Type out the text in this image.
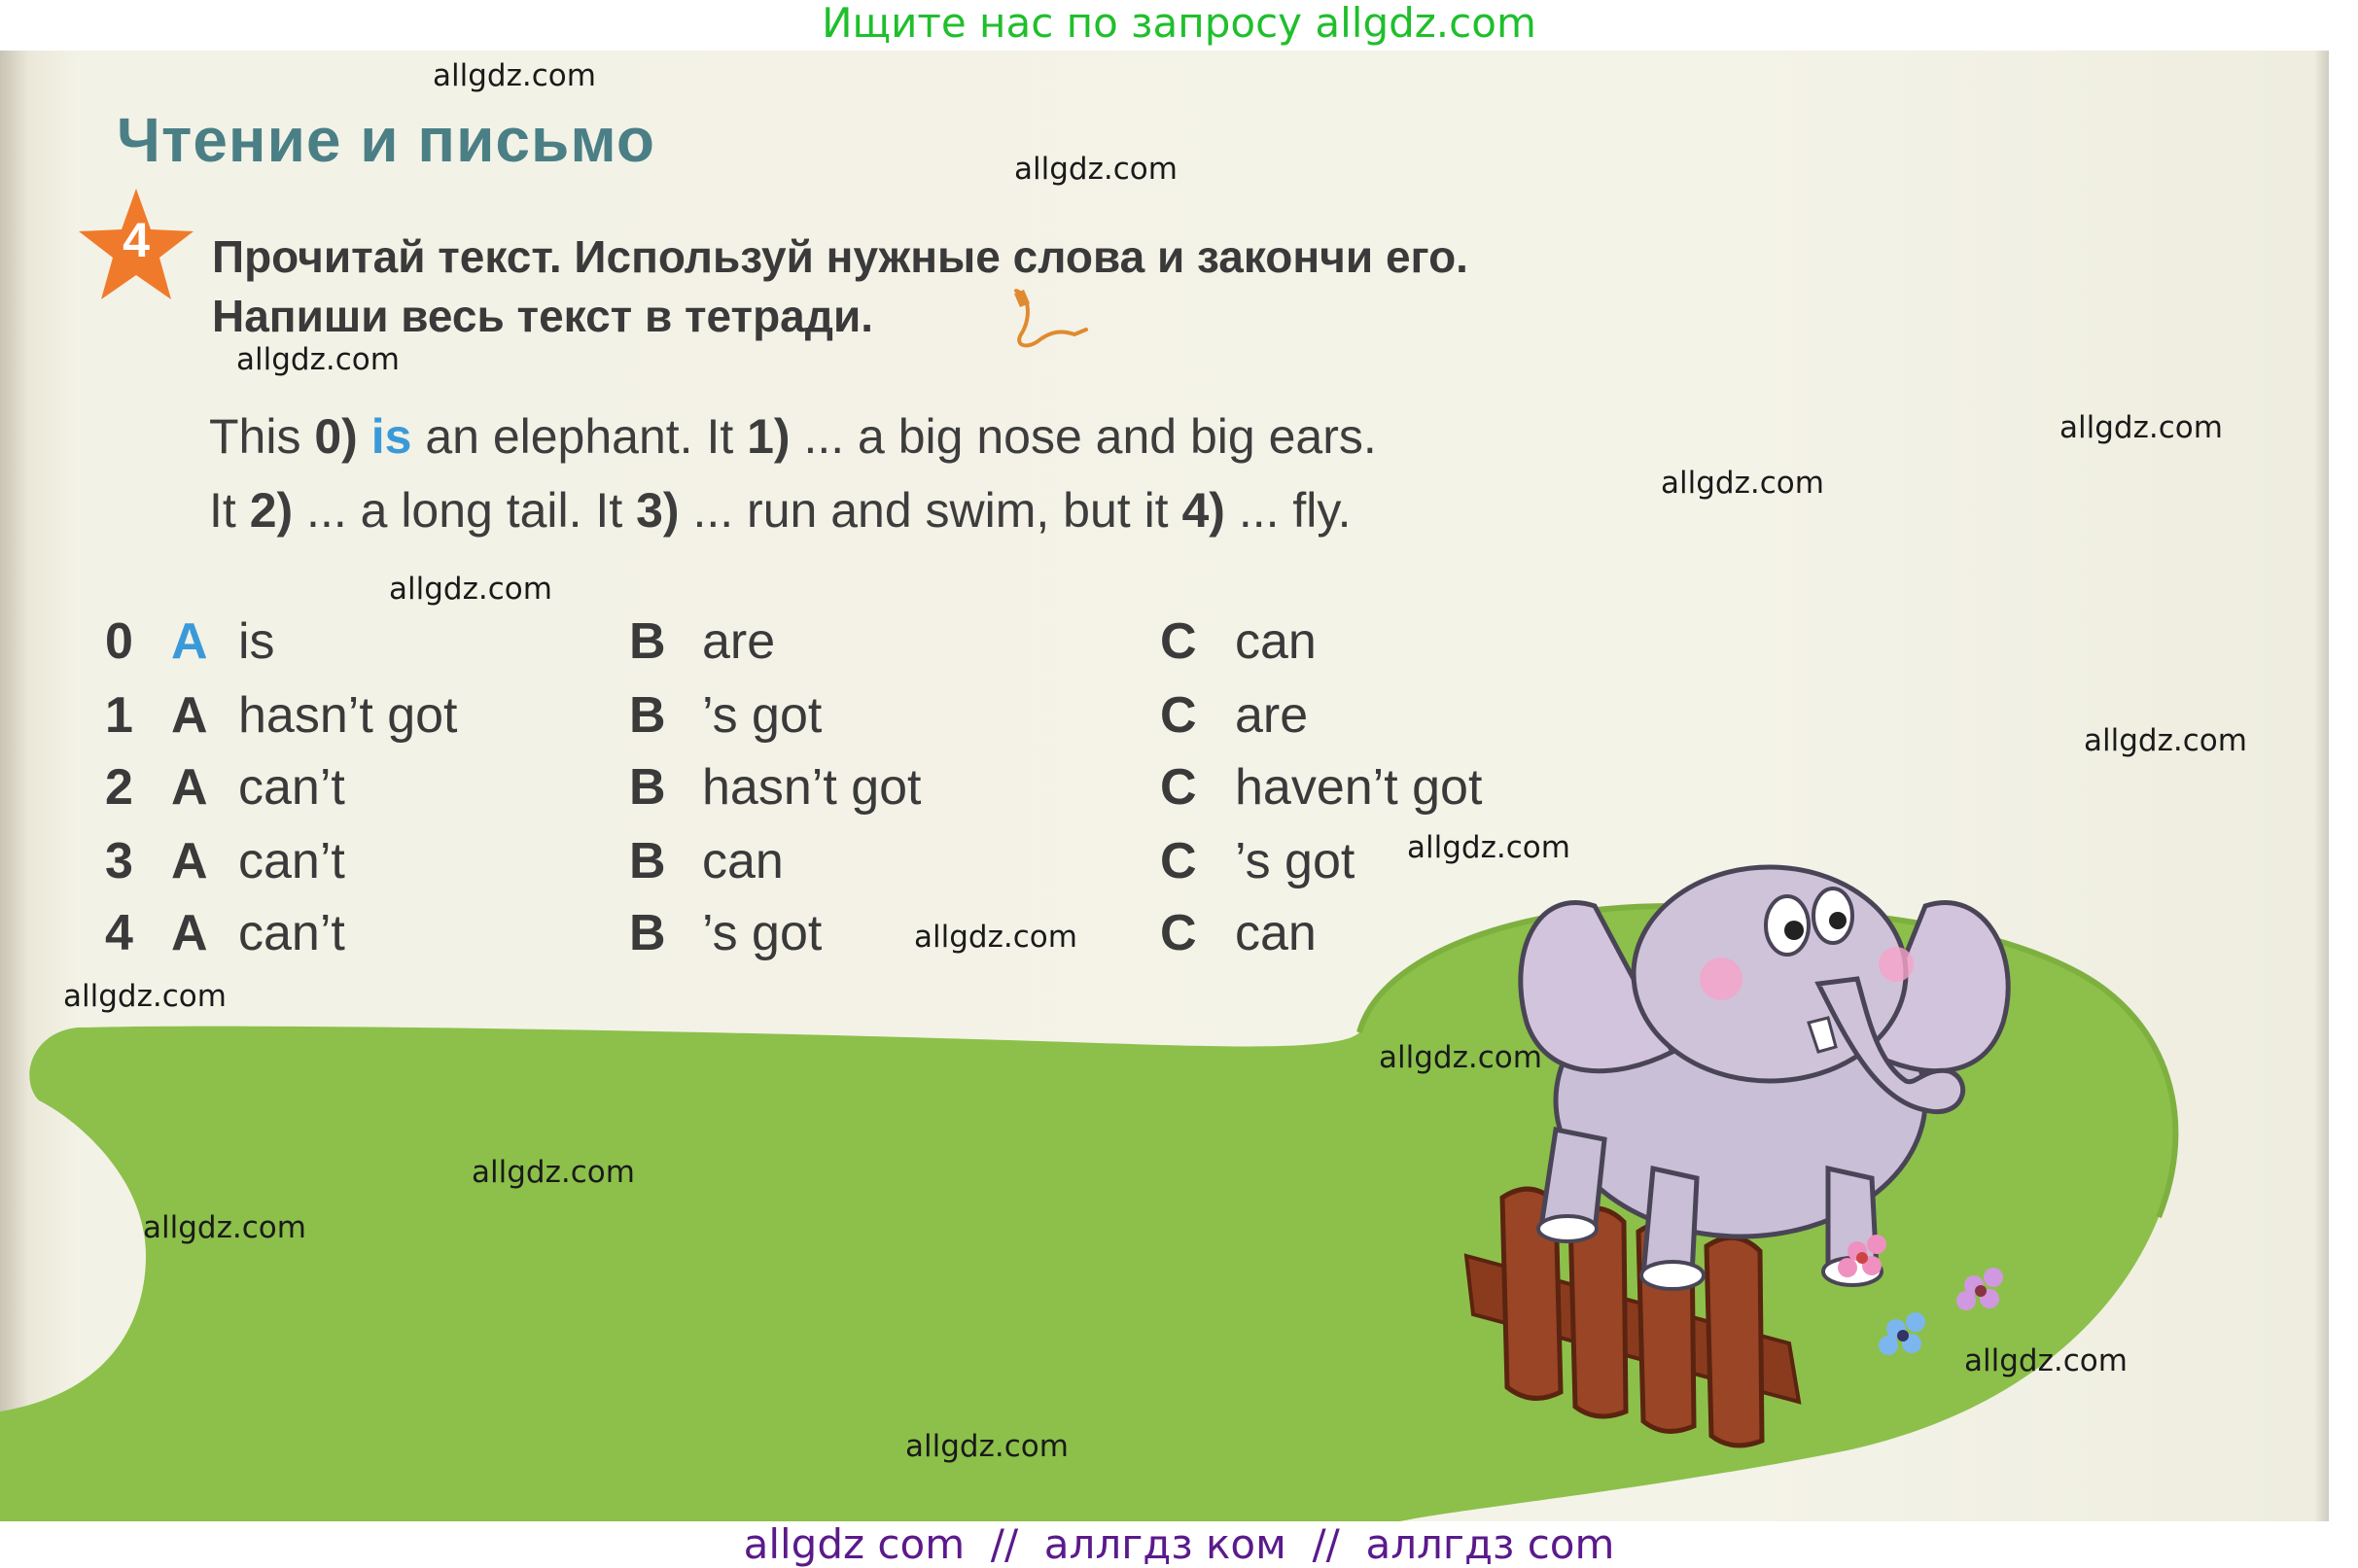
Ищите нас по запросу allgdz.com
Чтение и письмо
4	Прочитай текст. Используй нужные слова и закончи его.
Напиши весь текст в тетради.
This 0) is an elephant. It 1) ... a big nose and big ears.
It 2) ... a long tail. It 3) ... run and swim, but it 4) ... fly.
0 A is	B are	C can
1 A hasn’t got	B ’s got	C are
2 A can’t	B hasn’t got	C haven’t got
3 A can’t	B can	C ’s got
4 A can’t	B ’s got	C can
allgdz.com
allgdz.com
allgdz.com
allgdz.com
allgdz.com
allgdz.com
allgdz.com
allgdz.com
allgdz.com
allgdz.com
allgdz.com
allgdz.com
allgdz.com
allgdz.com
allgdz.com
allgdz com  //  аллгдз ком  //  аллгдз com
